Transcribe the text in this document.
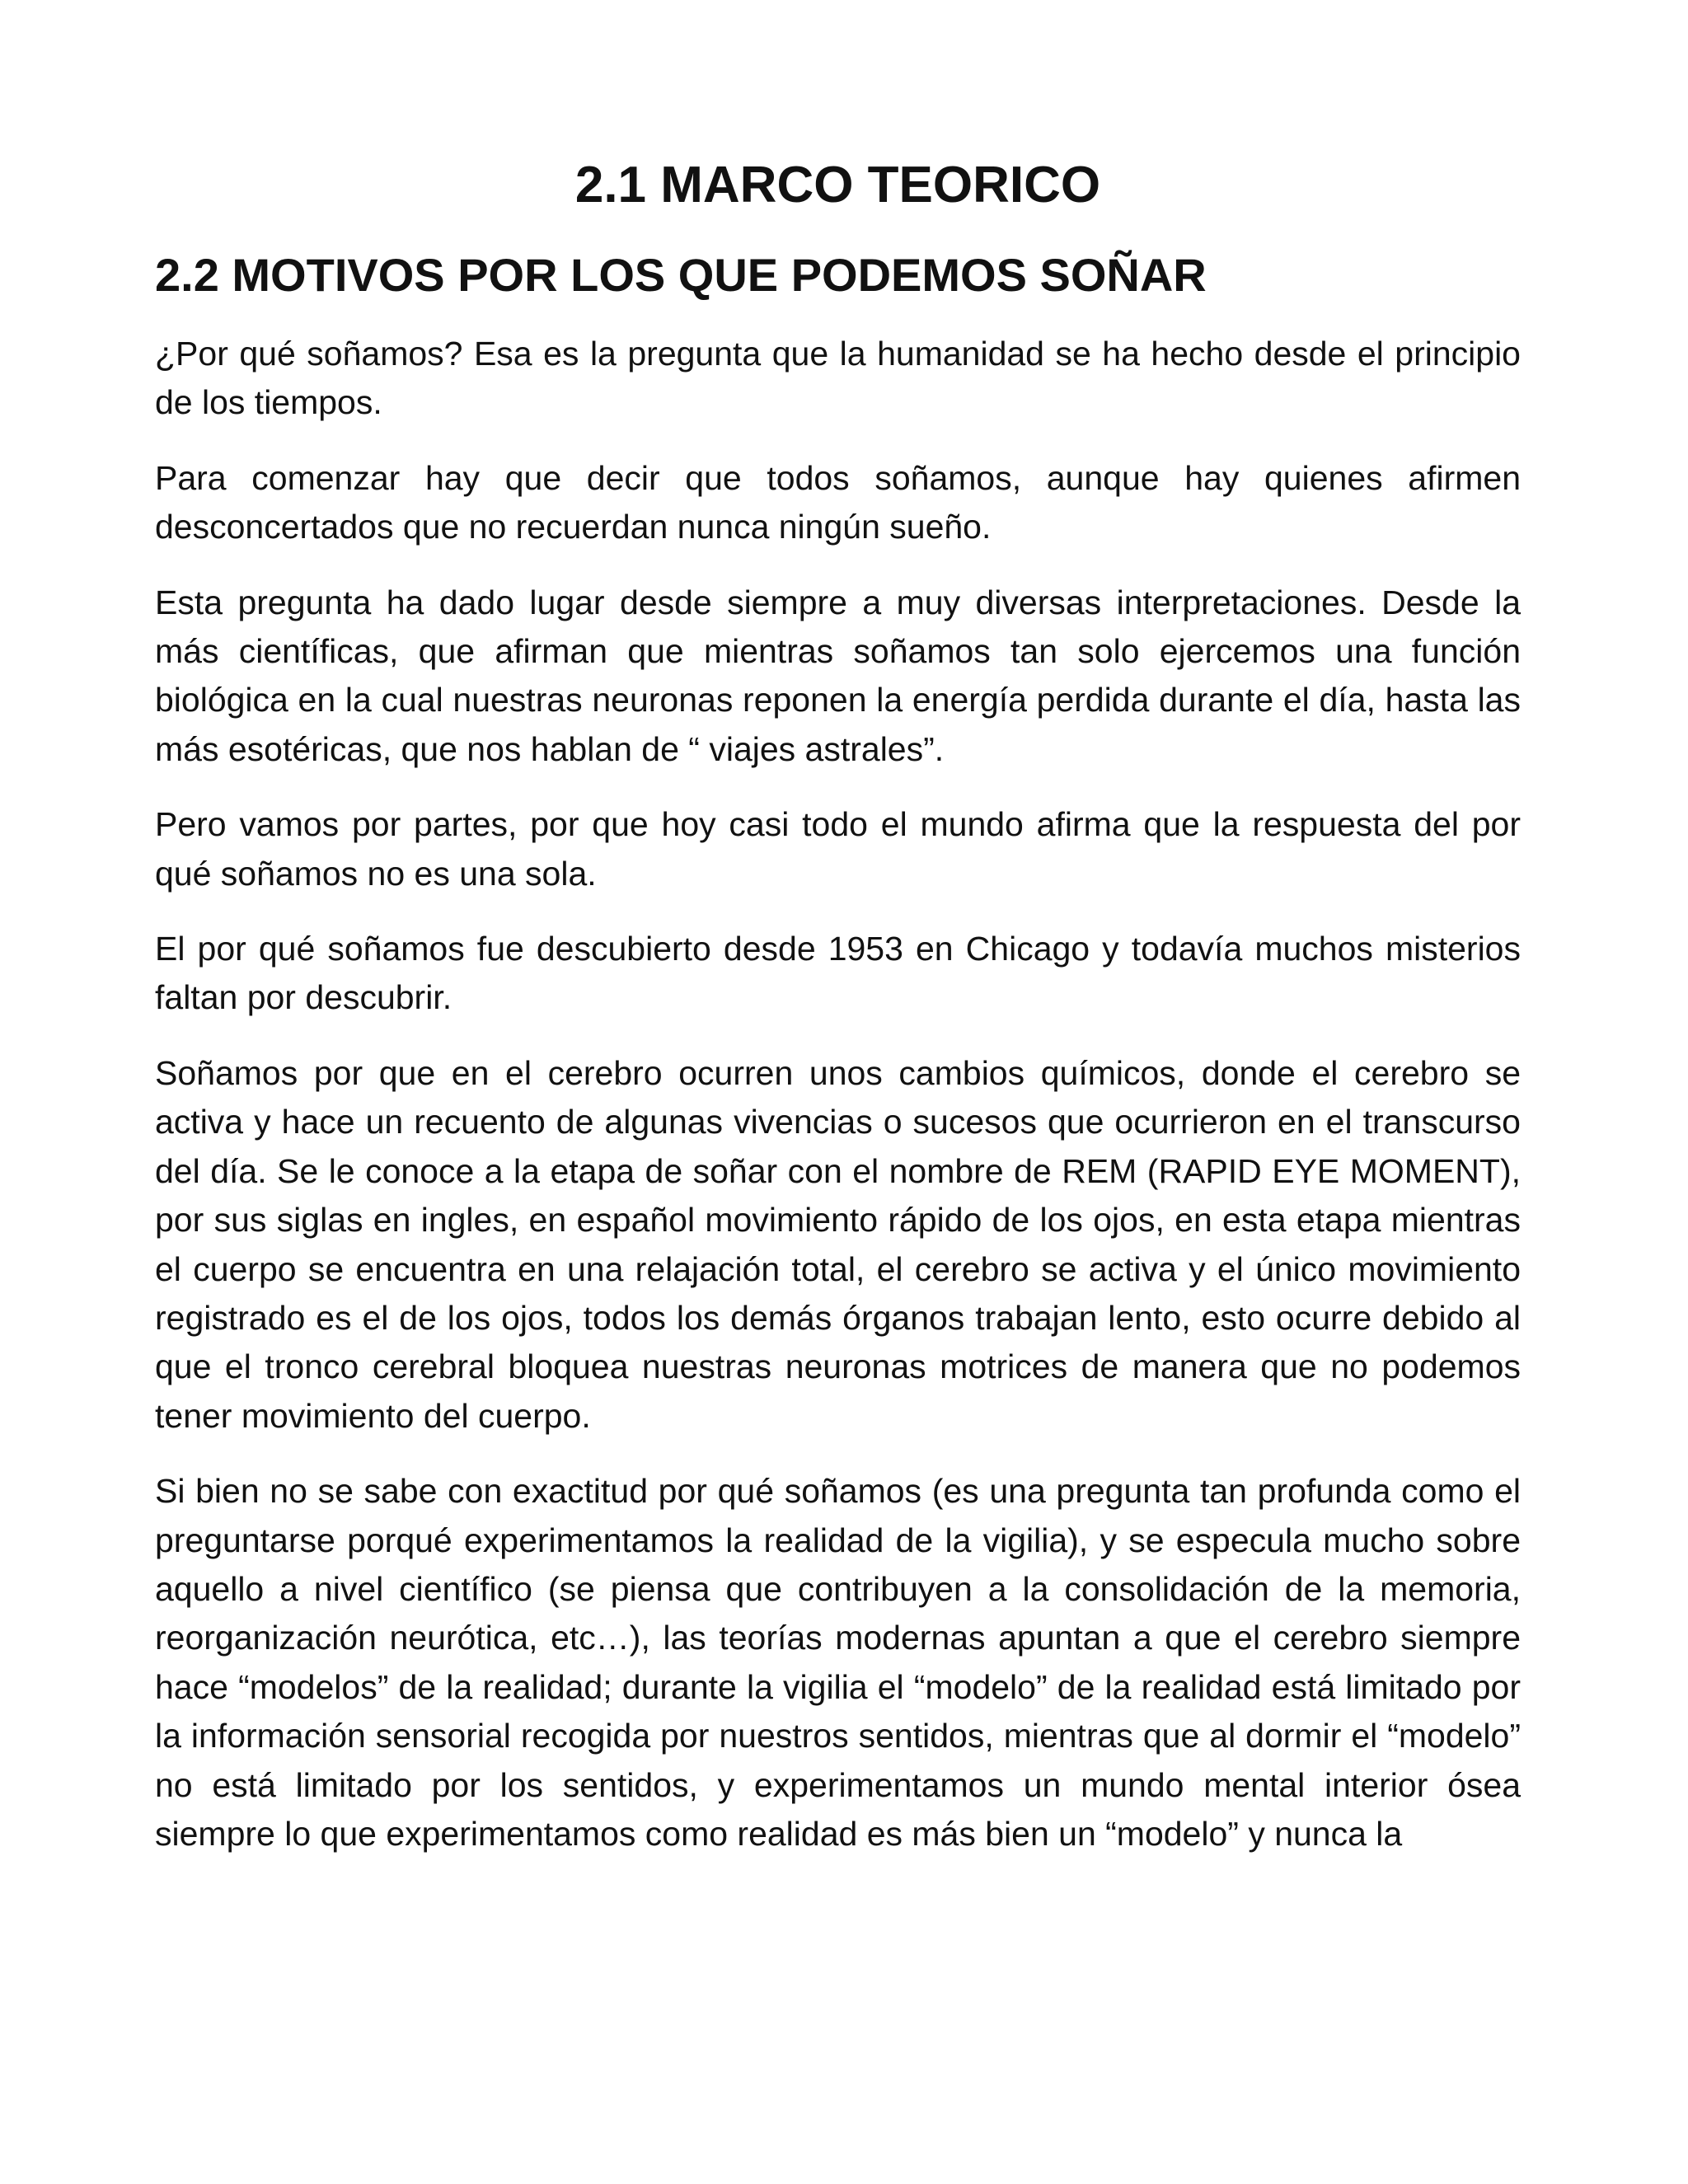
2.1 MARCO TEORICO
2.2 MOTIVOS POR LOS QUE PODEMOS SOÑAR

¿Por qué soñamos? Esa es la pregunta que la humanidad se ha hecho desde el principio de los tiempos.

Para comenzar hay que decir que todos soñamos, aunque hay quienes afirmen desconcertados que no recuerdan nunca ningún sueño.

Esta pregunta ha dado lugar desde siempre a muy diversas interpretaciones. Desde la más científicas, que afirman que mientras soñamos tan solo ejercemos una función biológica en la cual nuestras neuronas reponen la energía perdida durante el día, hasta las más esotéricas, que nos hablan de “ viajes astrales”.

Pero vamos por partes, por que hoy casi todo el mundo afirma que la respuesta del por qué soñamos no es una sola.

El por qué soñamos fue descubierto desde 1953 en Chicago y todavía muchos misterios faltan por descubrir.

Soñamos por que en el cerebro ocurren unos cambios químicos, donde el cerebro se activa y hace un recuento de algunas vivencias o sucesos que ocurrieron en el transcurso del día. Se le conoce a la etapa de soñar con el nombre de REM (RAPID EYE MOMENT), por sus siglas en ingles, en español movimiento rápido de los ojos, en esta etapa mientras el cuerpo se encuentra en una relajación total, el cerebro se activa y el único movimiento registrado es el de los ojos, todos los demás órganos trabajan lento, esto ocurre debido al que el tronco cerebral bloquea nuestras neuronas motrices de manera que no podemos tener movimiento del cuerpo.

Si bien no se sabe con exactitud por qué soñamos (es una pregunta tan profunda como el preguntarse porqué experimentamos la realidad de la vigilia), y se especula mucho sobre aquello a nivel científico (se piensa que contribuyen a la consolidación de la memoria, reorganización neurótica, etc…), las teorías modernas apuntan a que el cerebro siempre hace “modelos” de la realidad; durante la vigilia el “modelo” de la realidad está limitado por la información sensorial recogida por nuestros sentidos, mientras que al dormir el “modelo” no está limitado por los sentidos, y experimentamos un mundo mental interior ósea siempre lo que experimentamos como realidad es más bien un “modelo” y nunca la
